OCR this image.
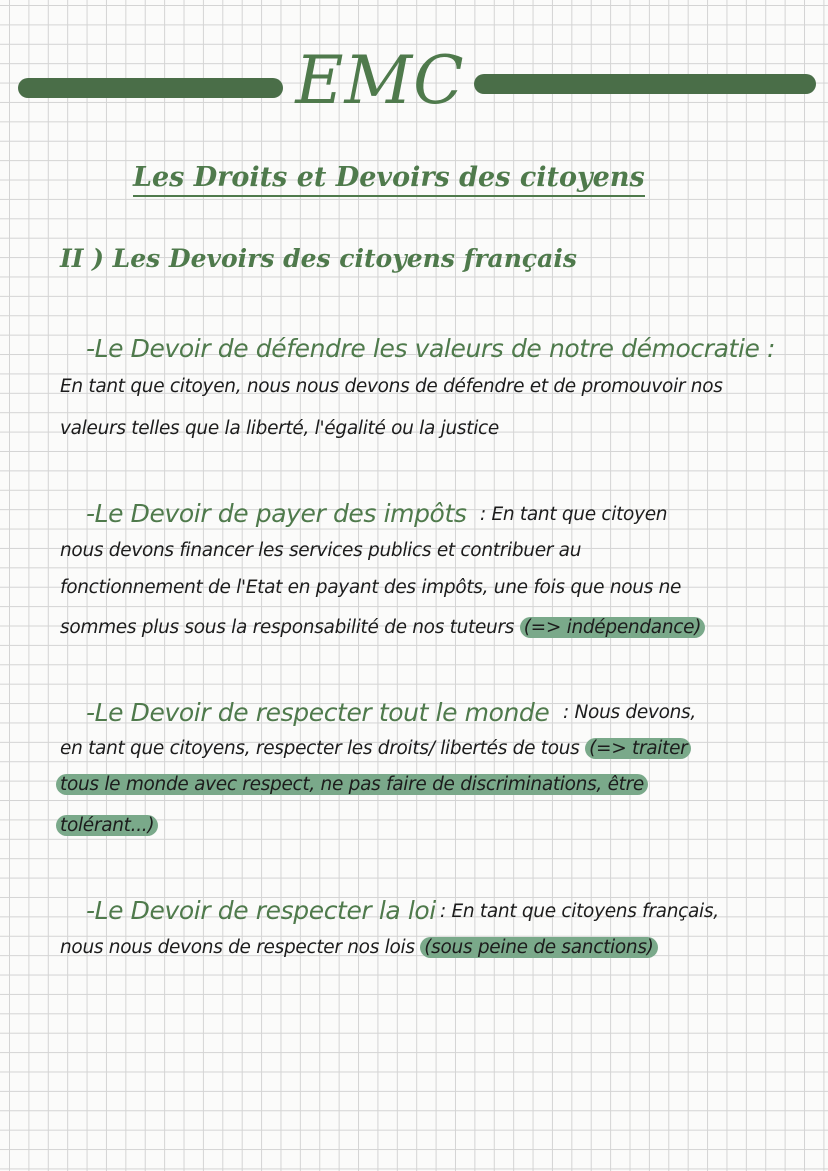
EMC
Les Droits et Devoirs des citoyens
II ) Les Devoirs des citoyens français
-Le Devoir de défendre les valeurs de notre démocratie :
En tant que citoyen, nous nous devons de défendre et de promouvoir nos
valeurs telles que la liberté, l'égalité ou la justice
-Le Devoir de payer des impôts : En tant que citoyen
nous devons financer les services publics et contribuer au
fonctionnement de l'Etat en payant des impôts, une fois que nous ne
sommes plus sous la responsabilité de nos tuteurs (=> indépendance)
-Le Devoir de respecter tout le monde : Nous devons,
en tant que citoyens, respecter les droits/ libertés de tous (=> traiter
tous le monde avec respect, ne pas faire de discriminations, être
tolérant...)
-Le Devoir de respecter la loi : En tant que citoyens français,
nous nous devons de respecter nos lois (sous peine de sanctions)
